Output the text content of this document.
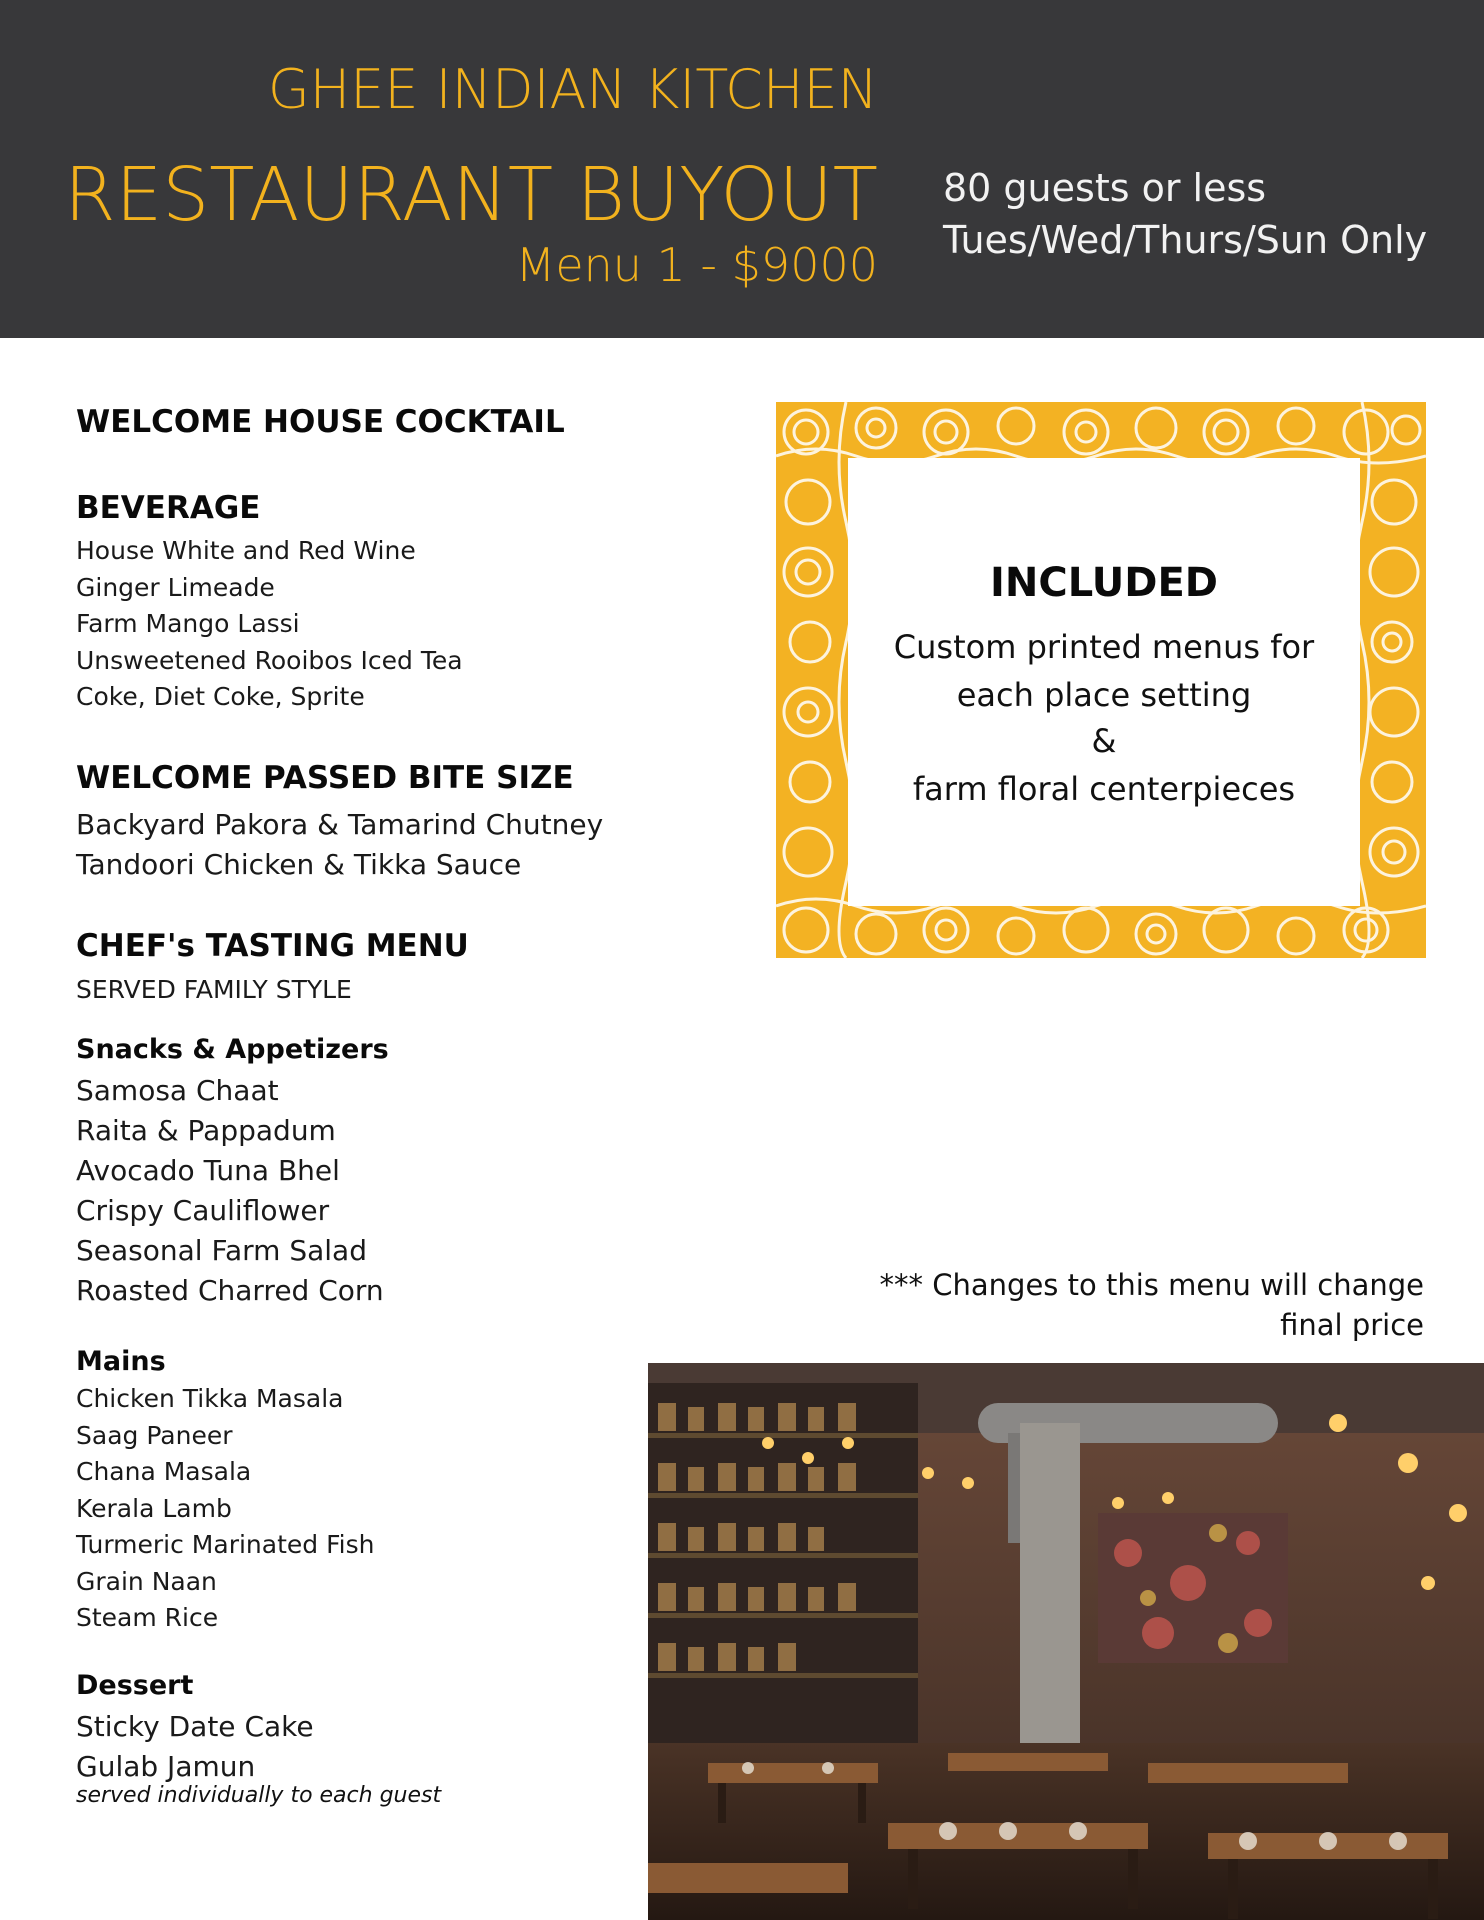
GHEE INDIAN KITCHEN
RESTAURANT BUYOUT
Menu 1 - $9000
80 guests or less
Tues/Wed/Thurs/Sun Only
WELCOME HOUSE COCKTAIL
BEVERAGE
House White and Red Wine
Ginger Limeade
Farm Mango Lassi
Unsweetened Rooibos Iced Tea
Coke, Diet Coke, Sprite
WELCOME PASSED BITE SIZE
Backyard Pakora & Tamarind Chutney
Tandoori Chicken & Tikka Sauce
CHEF's TASTING MENU
SERVED FAMILY STYLE
Snacks & Appetizers
Samosa Chaat
Raita & Pappadum
Avocado Tuna Bhel
Crispy Cauliflower
Seasonal Farm Salad
Roasted Charred Corn
Mains
Chicken Tikka Masala
Saag Paneer
Chana Masala
Kerala Lamb
Turmeric Marinated Fish
Grain Naan
Steam Rice
Dessert
Sticky Date Cake
Gulab Jamun
served individually to each guest
INCLUDED
Custom printed menus for
each place setting
&
farm floral centerpieces
*** Changes to this menu will change
final price
